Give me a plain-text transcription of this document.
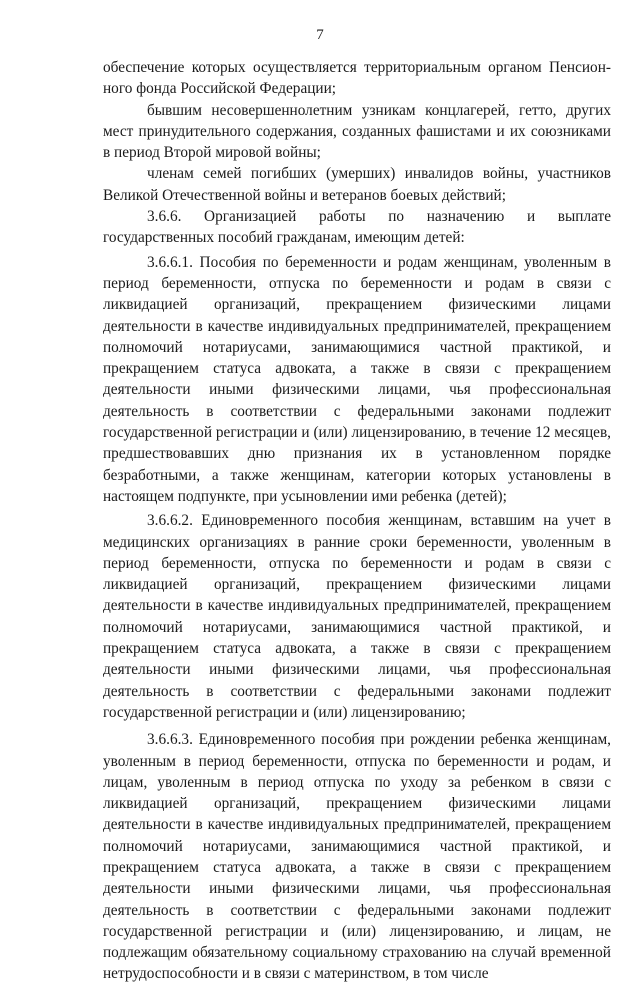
7

обеспечение которых осуществляется территориальным органом Пенсионного фонда Российской Федерации;

бывшим несовершеннолетним узникам концлагерей, гетто, других мест принудительного содержания, созданных фашистами и их союзниками в период Второй мировой войны;

членам семей погибших (умерших) инвалидов войны, участников Великой Отечественной войны и ветеранов боевых действий;

3.6.6. Организацией работы по назначению и выплате государственных пособий гражданам, имеющим детей:

3.6.6.1. Пособия по беременности и родам женщинам, уволенным в период беременности, отпуска по беременности и родам в связи с ликвидацией организаций, прекращением физическими лицами деятельности в качестве индивидуальных предпринимателей, прекращением полномочий нотариусами, занимающимися частной практикой, и прекращением статуса адвоката, а также в связи с прекращением деятельности иными физическими лицами, чья профессиональная деятельность в соответствии с федеральными законами подлежит государственной регистрации и (или) лицензированию, в течение 12 месяцев, предшествовавших дню признания их в установленном порядке безработными, а также женщинам, категории которых установлены в настоящем подпункте, при усыновлении ими ребенка (детей);

3.6.6.2. Единовременного пособия женщинам, вставшим на учет в медицинских организациях в ранние сроки беременности, уволенным в период беременности, отпуска по беременности и родам в связи с ликвидацией организаций, прекращением физическими лицами деятельности в качестве индивидуальных предпринимателей, прекращением полномочий нотариусами, занимающимися частной практикой, и прекращением статуса адвоката, а также в связи с прекращением деятельности иными физическими лицами, чья профессиональная деятельность в соответствии с федеральными законами подлежит государственной регистрации и (или) лицензированию;

3.6.6.3. Единовременного пособия при рождении ребенка женщинам, уволенным в период беременности, отпуска по беременности и родам, и лицам, уволенным в период отпуска по уходу за ребенком в связи с ликвидацией организаций, прекращением физическими лицами деятельности в качестве индивидуальных предпринимателей, прекращением полномочий нотариусами, занимающимися частной практикой, и прекращением статуса адвоката, а также в связи с прекращением деятельности иными физическими лицами, чья профессиональная деятельность в соответствии с федеральными законами подлежит государственной регистрации и (или) лицензированию, и лицам, не подлежащим обязательному социальному страхованию на случай временной нетрудоспособности и в связи с материнством, в том числе
